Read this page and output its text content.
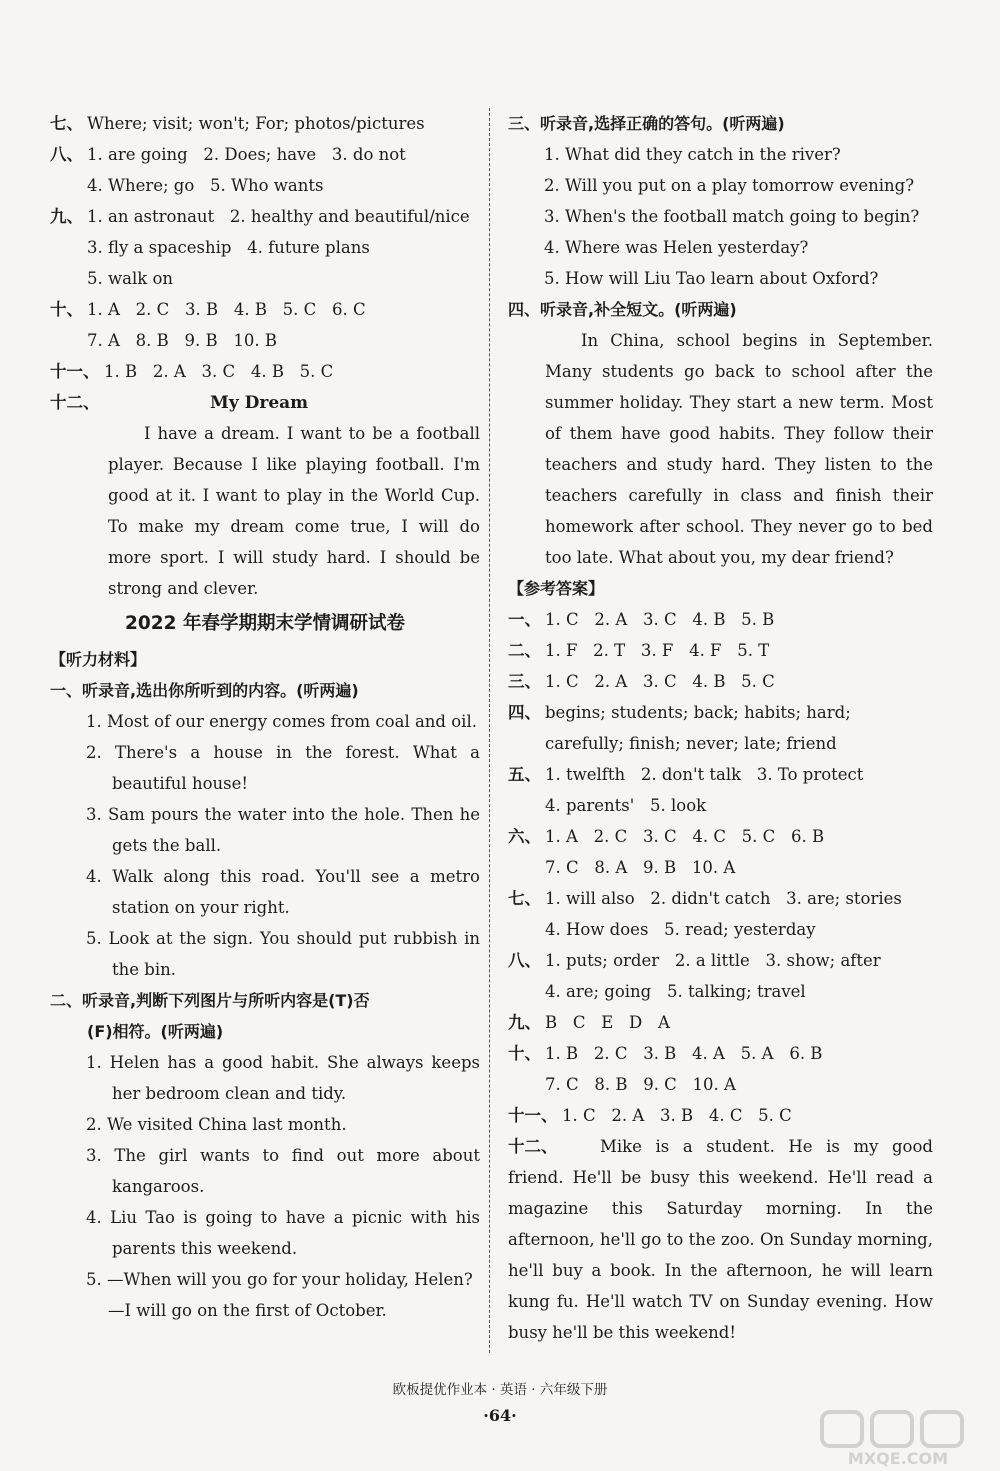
七、 Where; visit; won't; For; photos/pictures
八、 1. are going   2. Does; have   3. do not
4. Where; go   5. Who wants
九、 1. an astronaut   2. healthy and beautiful/nice
3. fly a spaceship   4. future plans
5. walk on
十、 1. A   2. C   3. B   4. B   5. C   6. C
7. A   8. B   9. B   10. B
十一、 1. B   2. A   3. C   4. B   5. C
十二、	My Dream
I have a dream. I want to be a football player. Because I like playing football. I'm good at it. I want to play in the World Cup. To make my dream come true, I will do more sport. I will study hard. I should be strong and clever.
2022 年春学期期末学情调研试卷
【听力材料】
一、听录音,选出你所听到的内容。(听两遍)
1. Most of our energy comes from coal and oil.
2. There's a house in the forest. What a beautiful house!
3. Sam pours the water into the hole. Then he gets the ball.
4. Walk along this road. You'll see a metro station on your right.
5. Look at the sign. You should put rubbish in the bin.
二、听录音,判断下列图片与所听内容是(T)否
(F)相符。(听两遍)
1. Helen has a good habit. She always keeps her bedroom clean and tidy.
2. We visited China last month.
3. The girl wants to find out more about kangaroos.
4. Liu Tao is going to have a picnic with his parents this weekend.
5. —When will you go for your holiday, Helen?
—I will go on the first of October.
三、听录音,选择正确的答句。(听两遍)
1. What did they catch in the river?
2. Will you put on a play tomorrow evening?
3. When's the football match going to begin?
4. Where was Helen yesterday?
5. How will Liu Tao learn about Oxford?
四、听录音,补全短文。(听两遍)
In China, school begins in September. Many students go back to school after the summer holiday. They start a new term. Most of them have good habits. They follow their teachers and study hard. They listen to the teachers carefully in class and finish their homework after school. They never go to bed too late. What about you, my dear friend?
【参考答案】
一、 1. C   2. A   3. C   4. B   5. B
二、 1. F   2. T   3. F   4. F   5. T
三、 1. C   2. A   3. C   4. B   5. C
四、 begins; students; back; habits; hard;
carefully; finish; never; late; friend
五、 1. twelfth   2. don't talk   3. To protect
4. parents'   5. look
六、 1. A   2. C   3. C   4. C   5. C   6. B
7. C   8. A   9. B   10. A
七、 1. will also   2. didn't catch   3. are; stories
4. How does   5. read; yesterday
八、 1. puts; order   2. a little   3. show; after
4. are; going   5. talking; travel
九、 B   C   E   D   A
十、 1. B   2. C   3. B   4. A   5. A   6. B
7. C   8. B   9. C   10. A
十一、 1. C   2. A   3. B   4. C   5. C
十二、	Mike is a student. He is my good friend. He'll be busy this weekend. He'll read a magazine this Saturday morning. In the afternoon, he'll go to the zoo. On Sunday morning, he'll buy a book. In the afternoon, he will learn kung fu. He'll watch TV on Sunday evening. How busy he'll be this weekend!
欧板提优作业本 · 英语 · 六年级下册
·64·
MXQE.COM
